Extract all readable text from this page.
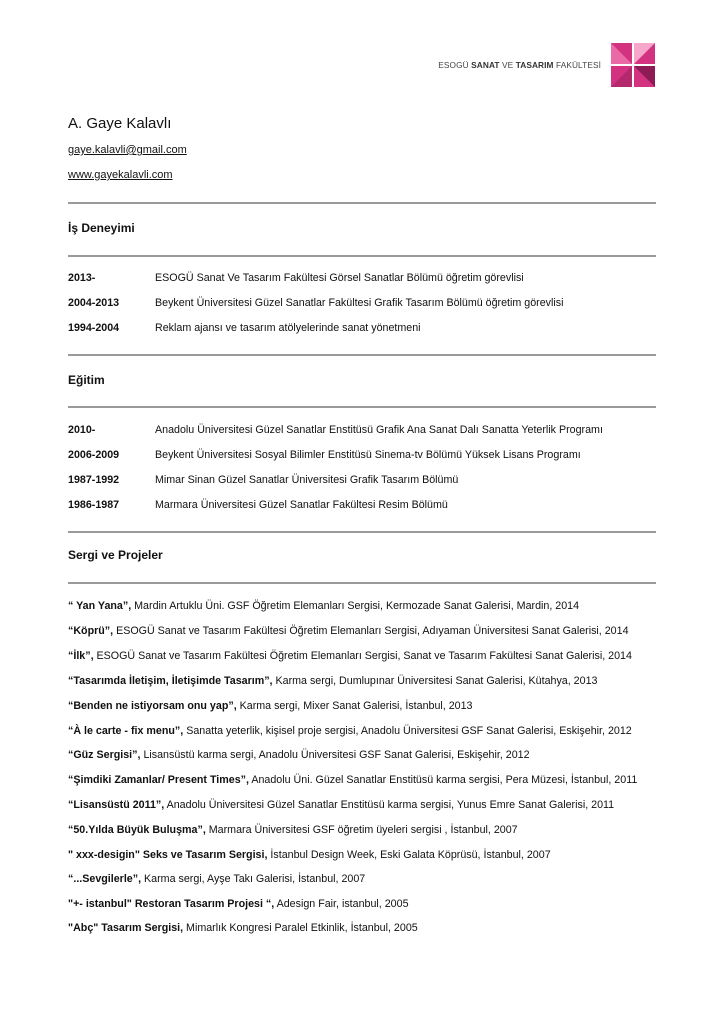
ESOGÜ SANAT VE TASARIM FAKÜLTESİ
A. Gaye Kalavlı
gaye.kalavli@gmail.com
www.gayekalavli.com
İş Deneyimi
2013-	ESOGÜ Sanat Ve Tasarım Fakültesi Görsel Sanatlar Bölümü öğretim görevlisi
2004-2013	Beykent Üniversitesi Güzel Sanatlar Fakültesi Grafik Tasarım Bölümü öğretim görevlisi
1994-2004	Reklam ajansı ve tasarım atölyelerinde sanat yönetmeni
Eğitim
2010-	Anadolu Üniversitesi Güzel Sanatlar Enstitüsü Grafik Ana Sanat Dalı Sanatta Yeterlik Programı
2006-2009	Beykent Üniversitesi Sosyal Bilimler Enstitüsü Sinema-tv Bölümü Yüksek Lisans Programı
1987-1992	Mimar Sinan Güzel Sanatlar Üniversitesi Grafik Tasarım Bölümü
1986-1987	Marmara Üniversitesi Güzel Sanatlar Fakültesi Resim Bölümü
Sergi ve Projeler
“ Yan Yana”, Mardin Artuklu Üni. GSF Öğretim Elemanları Sergisi, Kermozade Sanat Galerisi, Mardin, 2014
“Köprü”, ESOGÜ Sanat ve Tasarım Fakültesi Öğretim Elemanları Sergisi, Adıyaman Üniversitesi Sanat Galerisi, 2014
“İlk”, ESOGÜ Sanat ve Tasarım Fakültesi Öğretim Elemanları Sergisi, Sanat ve Tasarım Fakültesi Sanat Galerisi, 2014
“Tasarımda İletişim, İletişimde Tasarım”, Karma sergi, Dumlupınar Üniversitesi Sanat Galerisi, Kütahya, 2013
“Benden ne istiyorsam onu yap”, Karma sergi, Mixer Sanat Galerisi, İstanbul, 2013
“À le carte - fix menu”, Sanatta yeterlik, kişisel proje sergisi, Anadolu Üniversitesi GSF Sanat Galerisi, Eskişehir, 2012
“Güz Sergisi”, Lisansüstü karma sergi, Anadolu Üniversitesi GSF Sanat Galerisi, Eskişehir, 2012
“Şimdiki Zamanlar/ Present Times”, Anadolu Üni. Güzel Sanatlar Enstitüsü karma sergisi, Pera Müzesi, İstanbul, 2011
“Lisansüstü 2011”, Anadolu Üniversitesi Güzel Sanatlar Enstitüsü karma sergisi, Yunus Emre Sanat Galerisi, 2011
“50.Yılda Büyük Buluşma”, Marmara Üniversitesi GSF öğretim üyeleri sergisi , İstanbul, 2007
" xxx-desigin" Seks ve Tasarım Sergisi, İstanbul Design Week, Eski Galata Köprüsü, İstanbul, 2007
“...Sevgilerle”, Karma sergi, Ayşe Takı Galerisi, İstanbul, 2007
"+- istanbul" Restoran Tasarım Projesi “, Adesign Fair, istanbul, 2005
"Abç" Tasarım Sergisi, Mimarlık Kongresi Paralel Etkinlik, İstanbul, 2005
